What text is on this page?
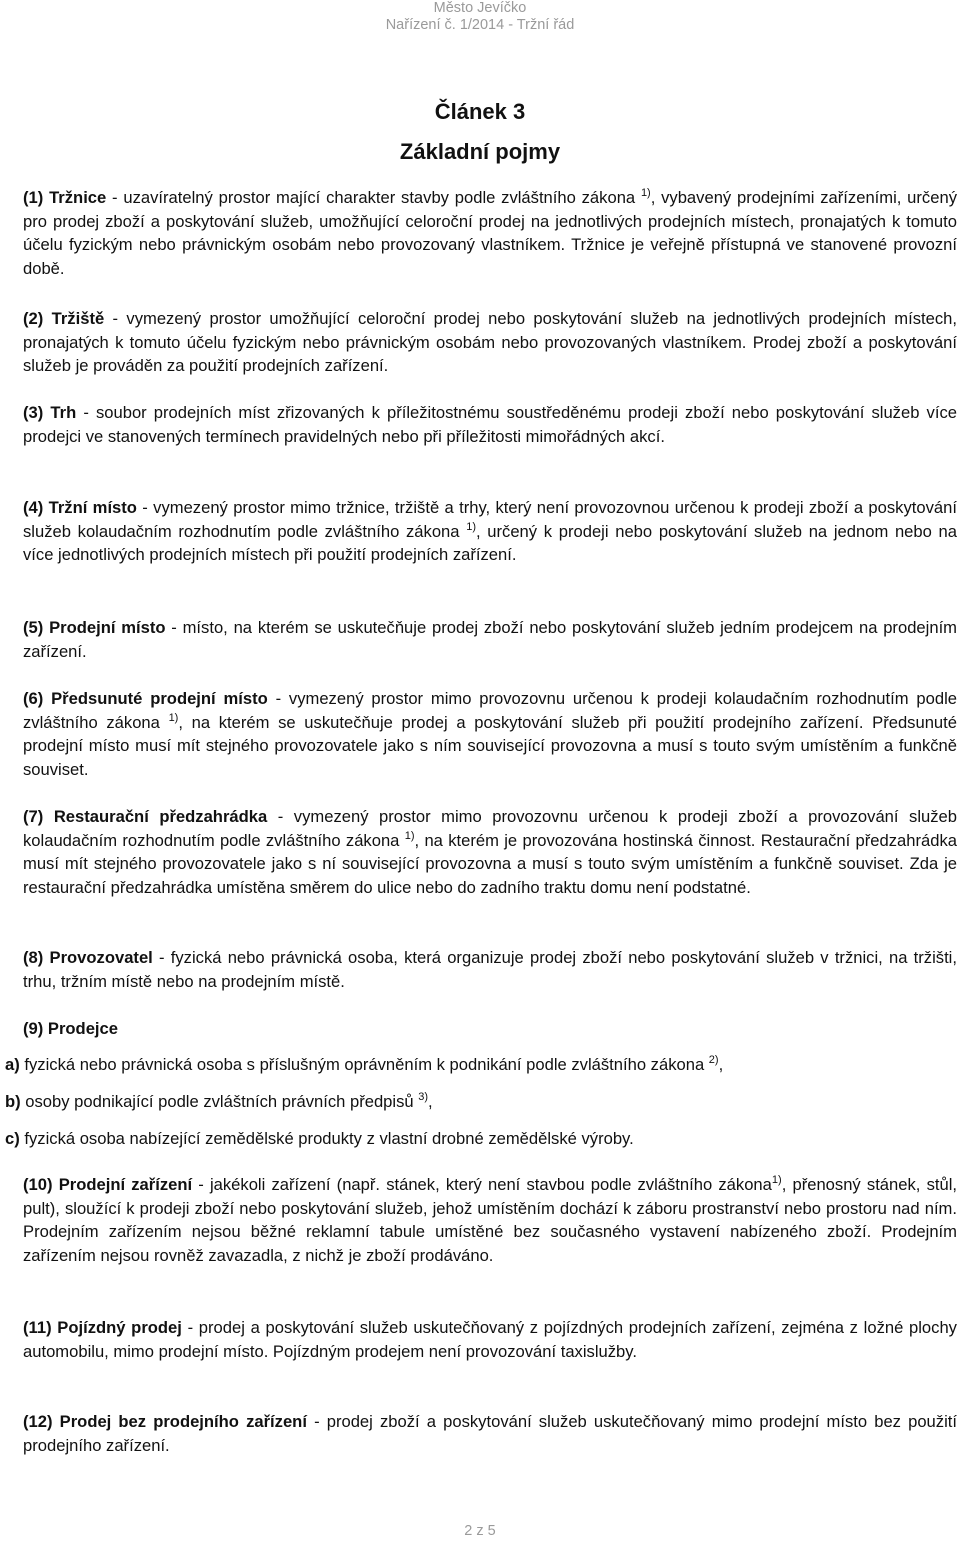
Město Jevíčko
Nařízení č. 1/2014 - Tržní řád
Článek 3
Základní pojmy

(1) Tržnice - uzavíratelný prostor mající charakter stavby podle zvláštního zákona $^{1)}$, vybavený prodejními zařízeními, určený pro prodej zboží a poskytování služeb, umožňující celoroční prodej na jednotlivých prodejních místech, pronajatých k tomuto účelu fyzickým nebo právnickým osobám nebo provozovaný vlastníkem. Tržnice je veřejně přístupná ve stanovené provozní době.

(2) Tržiště - vymezený prostor umožňující celoroční prodej nebo poskytování služeb na jednotlivých prodejních místech, pronajatých k tomuto účelu fyzickým nebo právnickým osobám nebo provozovaných vlastníkem. Prodej zboží a poskytování služeb je prováděn za použití prodejních zařízení.

(3) Trh - soubor prodejních míst zřizovaných k příležitostnému soustředěnému prodeji zboží nebo poskytování služeb více prodejci ve stanovených termínech pravidelných nebo při příležitosti mimořádných akcí.

(4) Tržní místo - vymezený prostor mimo tržnice, tržiště a trhy, který není provozovnou určenou k prodeji zboží a poskytování služeb kolaudačním rozhodnutím podle zvláštního zákona $^{1)}$, určený k prodeji nebo poskytování služeb na jednom nebo na více jednotlivých prodejních místech při použití prodejních zařízení.

(5) Prodejní místo - místo, na kterém se uskutečňuje prodej zboží nebo poskytování služeb jedním prodejcem na prodejním zařízení.

(6) Předsunuté prodejní místo - vymezený prostor mimo provozovnu určenou k prodeji kolaudačním rozhodnutím podle zvláštního zákona $^{1)}$, na kterém se uskutečňuje prodej a poskytování služeb při použití prodejního zařízení. Předsunuté prodejní místo musí mít stejného provozovatele jako s ním související provozovna a musí s touto svým umístěním a funkčně souviset.

(7) Restaurační předzahrádka - vymezený prostor mimo provozovnu určenou k prodeji zboží a provozování služeb kolaudačním rozhodnutím podle zvláštního zákona $^{1)}$, na kterém je provozována hostinská činnost. Restaurační předzahrádka musí mít stejného provozovatele jako s ní související provozovna a musí s touto svým umístěním a funkčně souviset. Zda je restaurační předzahrádka umístěna směrem do ulice nebo do zadního traktu domu není podstatné.

(8) Provozovatel - fyzická nebo právnická osoba, která organizuje prodej zboží nebo poskytování služeb v tržnici, na tržišti, trhu, tržním místě nebo na prodejním místě.

(9) Prodejce

a) fyzická nebo právnická osoba s příslušným oprávněním k podnikání podle zvláštního zákona $^{2)}$,

b) osoby podnikající podle zvláštních právních předpisů $^{3)}$,

c) fyzická osoba nabízející zemědělské produkty z vlastní drobné zemědělské výroby.

(10) Prodejní zařízení - jakékoli zařízení (např. stánek, který není stavbou podle zvláštního zákona$^{1)}$, přenosný stánek, stůl, pult), sloužící k prodeji zboží nebo poskytování služeb, jehož umístěním dochází k záboru prostranství nebo prostoru nad ním. Prodejním zařízením nejsou běžné reklamní tabule umístěné bez současného vystavení nabízeného zboží. Prodejním zařízením nejsou rovněž zavazadla, z nichž je zboží prodáváno.

(11) Pojízdný prodej - prodej a poskytování služeb uskutečňovaný z pojízdných prodejních zařízení, zejména z ložné plochy automobilu, mimo prodejní místo. Pojízdným prodejem není provozování taxislužby.

(12) Prodej bez prodejního zařízení - prodej zboží a poskytování služeb uskutečňovaný mimo prodejní místo bez použití prodejního zařízení.

2 z 5
